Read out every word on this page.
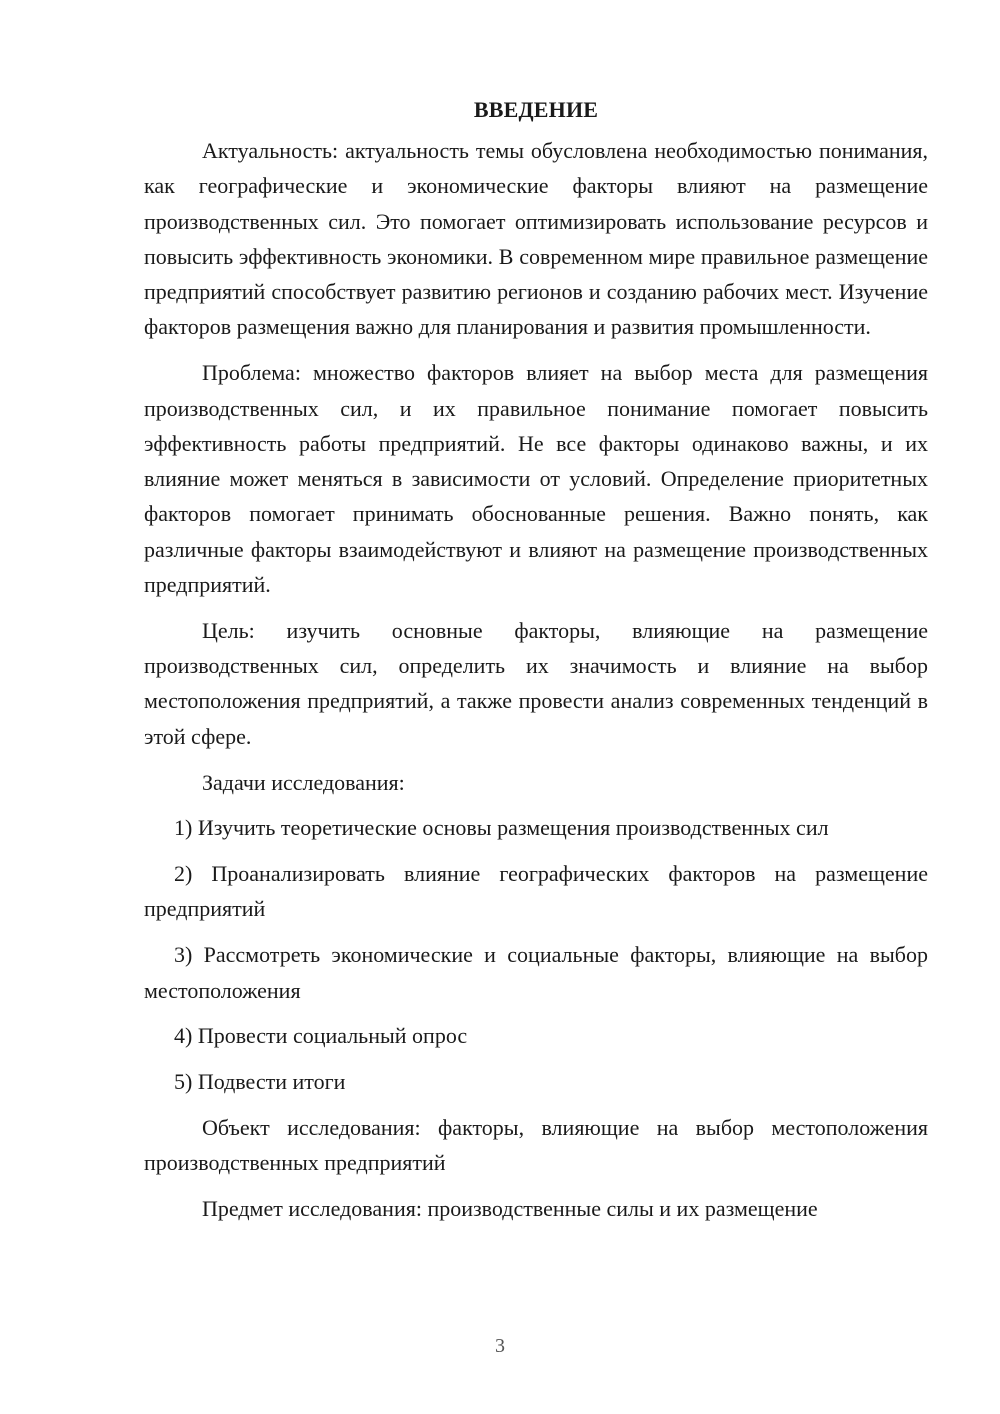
ВВЕДЕНИЕ

Актуальность: актуальность темы обусловлена необходимостью понимания, как географические и экономические факторы влияют на размещение производственных сил. Это помогает оптимизировать использование ресурсов и повысить эффективность экономики. В современном мире правильное размещение предприятий способствует развитию регионов и созданию рабочих мест. Изучение факторов размещения важно для планирования и развития промышленности.

Проблема: множество факторов влияет на выбор места для размещения производственных сил, и их правильное понимание помогает повысить эффективность работы предприятий. Не все факторы одинаково важны, и их влияние может меняться в зависимости от условий. Определение приоритетных факторов помогает принимать обоснованные решения. Важно понять, как различные факторы взаимодействуют и влияют на размещение производственных предприятий.

Цель: изучить основные факторы, влияющие на размещение производственных сил, определить их значимость и влияние на выбор местоположения предприятий, а также провести анализ современных тенденций в этой сфере.

Задачи исследования:

1) Изучить теоретические основы размещения производственных сил

2) Проанализировать влияние географических факторов на размещение предприятий

3) Рассмотреть экономические и социальные факторы, влияющие на выбор местоположения

4) Провести социальный опрос

5) Подвести итоги

Объект исследования: факторы, влияющие на выбор местоположения производственных предприятий

Предмет исследования: производственные силы и их размещение

3
